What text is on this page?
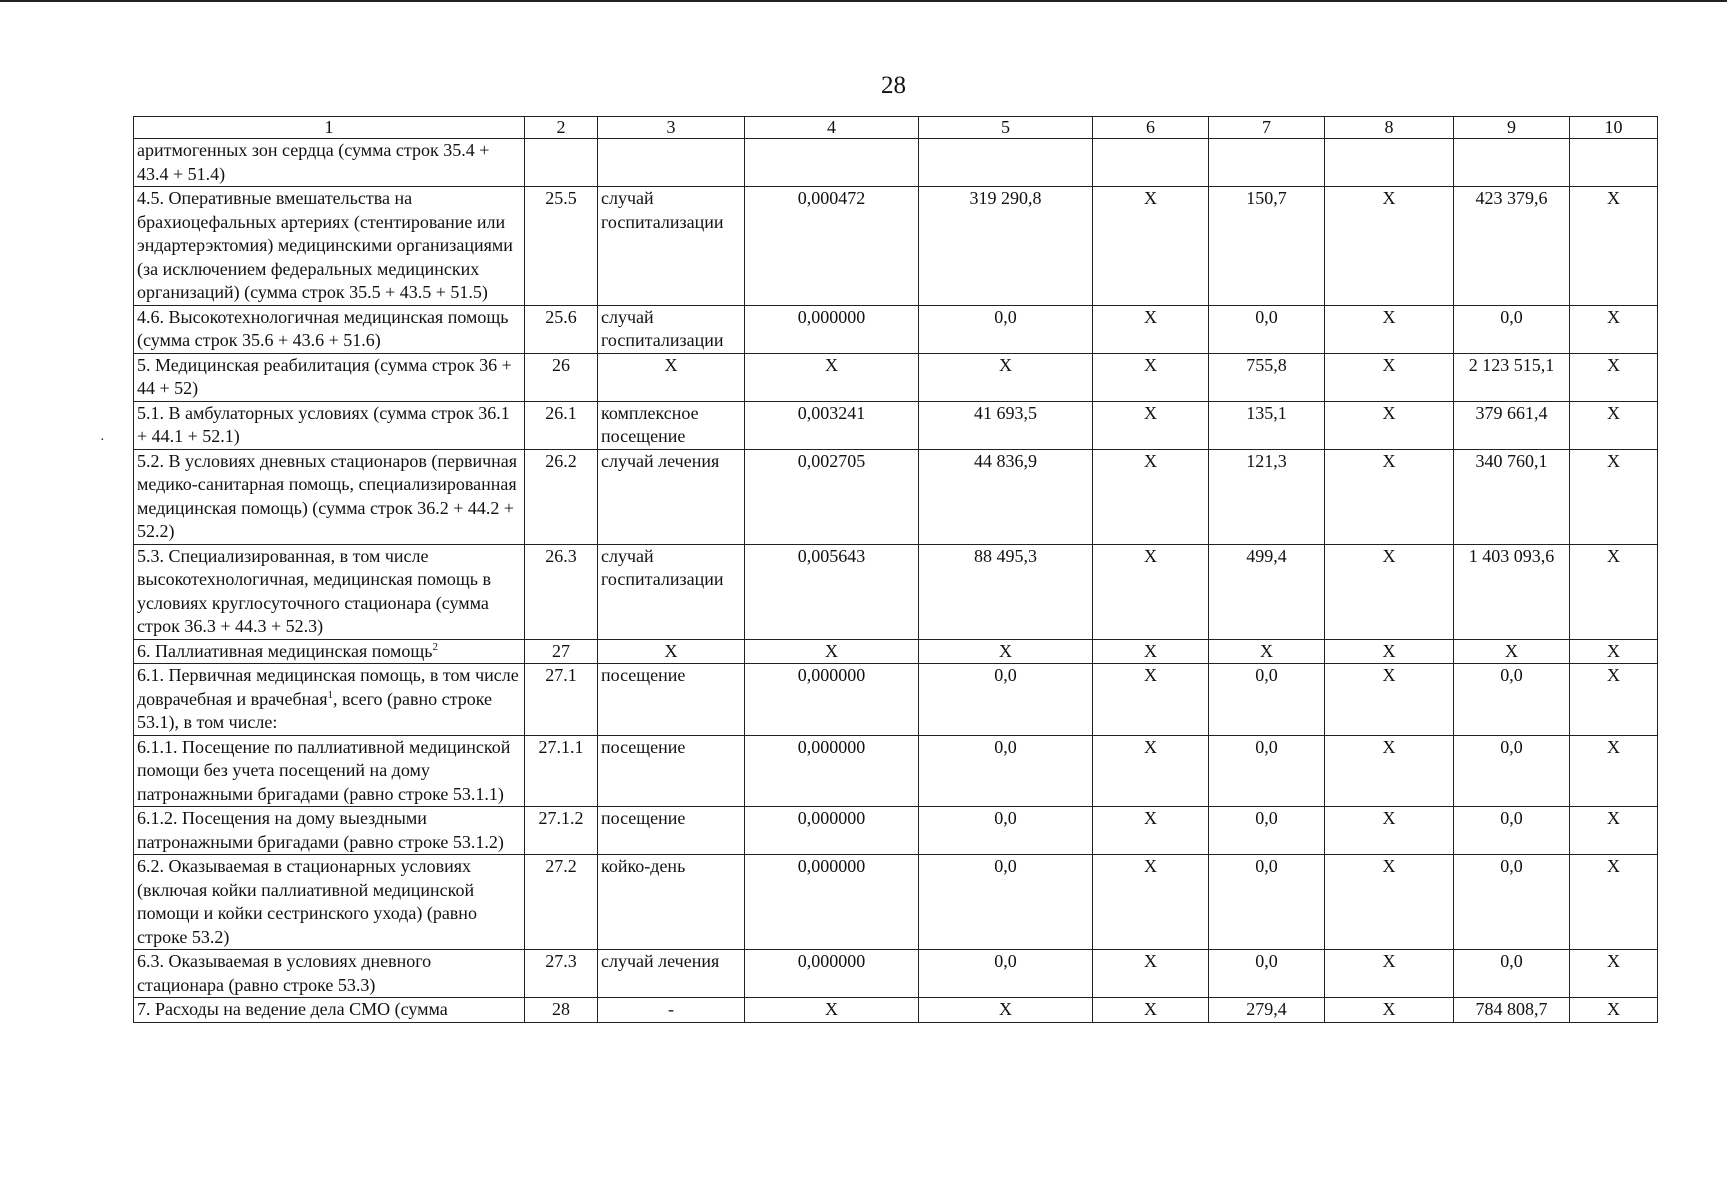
28
·
1	2	3	4	5	6	7	8	9	10
аритмогенных зон сердца (сумма строк 35.4 + 43.4 + 51.4)									
4.5. Оперативные вмешательства на брахиоцефальных артериях (стентирование или эндартерэктомия) медицинскими организациями (за исключением федеральных медицинских организаций) (сумма строк 35.5 + 43.5 + 51.5)	25.5	случай госпитализации	0,000472	319 290,8	X	150,7	X	423 379,6	X
4.6. Высокотехнологичная медицинская помощь (сумма строк 35.6 + 43.6 + 51.6)	25.6	случай госпитализации	0,000000	0,0	X	0,0	X	0,0	X
5. Медицинская реабилитация (сумма строк 36 + 44 + 52)	26	X	X	X	X	755,8	X	2 123 515,1	X
5.1. В амбулаторных условиях (сумма строк 36.1 + 44.1 + 52.1)	26.1	комплексное посещение	0,003241	41 693,5	X	135,1	X	379 661,4	X
5.2. В условиях дневных стационаров (первичная медико-санитарная помощь, специализированная медицинская помощь) (сумма строк 36.2 + 44.2 + 52.2)	26.2	случай лечения	0,002705	44 836,9	X	121,3	X	340 760,1	X
5.3. Специализированная, в том числе высокотехнологичная, медицинская помощь в условиях круглосуточного стационара (сумма строк 36.3 + 44.3 + 52.3)	26.3	случай госпитализации	0,005643	88 495,3	X	499,4	X	1 403 093,6	X
6. Паллиативная медицинская помощь$^2$	27	X	X	X	X	X	X	X	X
6.1. Первичная медицинская помощь, в том числе доврачебная и врачебная$^1$, всего (равно строке 53.1), в том числе:	27.1	посещение	0,000000	0,0	X	0,0	X	0,0	X
6.1.1. Посещение по паллиативной медицинской помощи без учета посещений на дому патронажными бригадами (равно строке 53.1.1)	27.1.1	посещение	0,000000	0,0	X	0,0	X	0,0	X
6.1.2. Посещения на дому выездными патронажными бригадами (равно строке 53.1.2)	27.1.2	посещение	0,000000	0,0	X	0,0	X	0,0	X
6.2. Оказываемая в стационарных условиях (включая койки паллиативной медицинской помощи и койки сестринского ухода) (равно строке 53.2)	27.2	койко-день	0,000000	0,0	X	0,0	X	0,0	X
6.3. Оказываемая в условиях дневного стационара (равно строке 53.3)	27.3	случай лечения	0,000000	0,0	X	0,0	X	0,0	X
7. Расходы на ведение дела СМО (сумма	28	-	X	X	X	279,4	X	784 808,7	X
